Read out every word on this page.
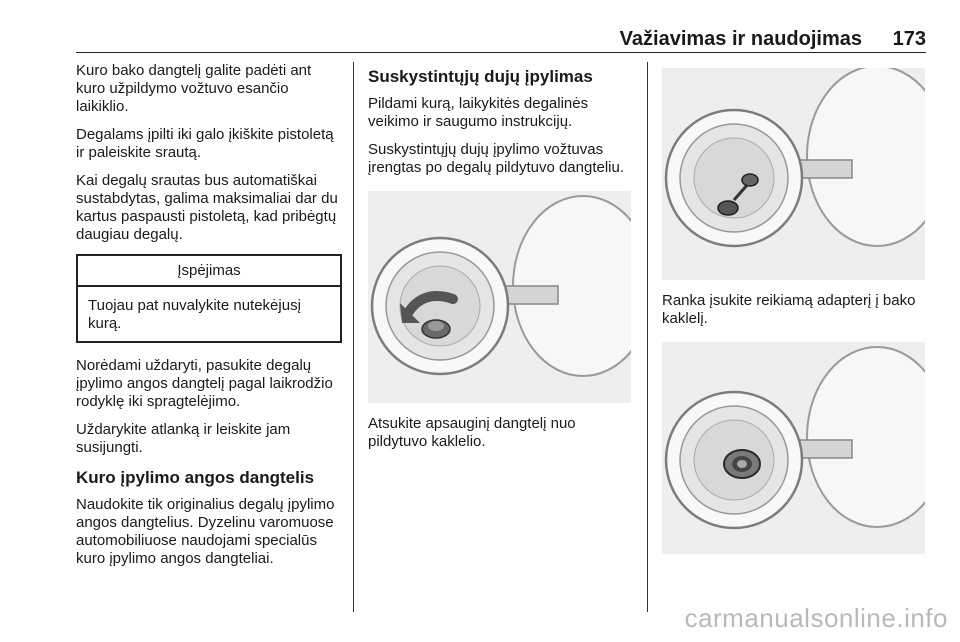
Važiavimas ir naudojimas 173

Kuro bako dangtelį galite padėti ant kuro užpildymo vožtuvo esančio laikiklio.

Degalams įpilti iki galo įkiškite pistoletą ir paleiskite srautą.

Kai degalų srautas bus automatiškai sustabdytas, galima maksimaliai dar du kartus paspausti pistoletą, kad pribėgtų daugiau degalų.

Įspėjimas
Tuojau pat nuvalykite nutekėjusį kurą.

Norėdami uždaryti, pasukite degalų įpylimo angos dangtelį pagal laikrodžio rodyklę iki spragtelėjimo.

Uždarykite atlanką ir leiskite jam susijungti.

Kuro įpylimo angos dangtelis

Naudokite tik originalius degalų įpylimo angos dangtelius. Dyzelinu varomuose automobiliuose naudojami specialūs kuro įpylimo angos dangteliai.

Suskystintųjų dujų įpylimas

Pildami kurą, laikykitės degalinės veikimo ir saugumo instrukcijų.

Suskystintųjų dujų įpylimo vožtuvas įrengtas po degalų pildytuvo dangteliu.

Atsukite apsauginį dangtelį nuo pildytuvo kaklelio.

Ranka įsukite reikiamą adapterį į bako kaklelį.

carmanualsonline.info
